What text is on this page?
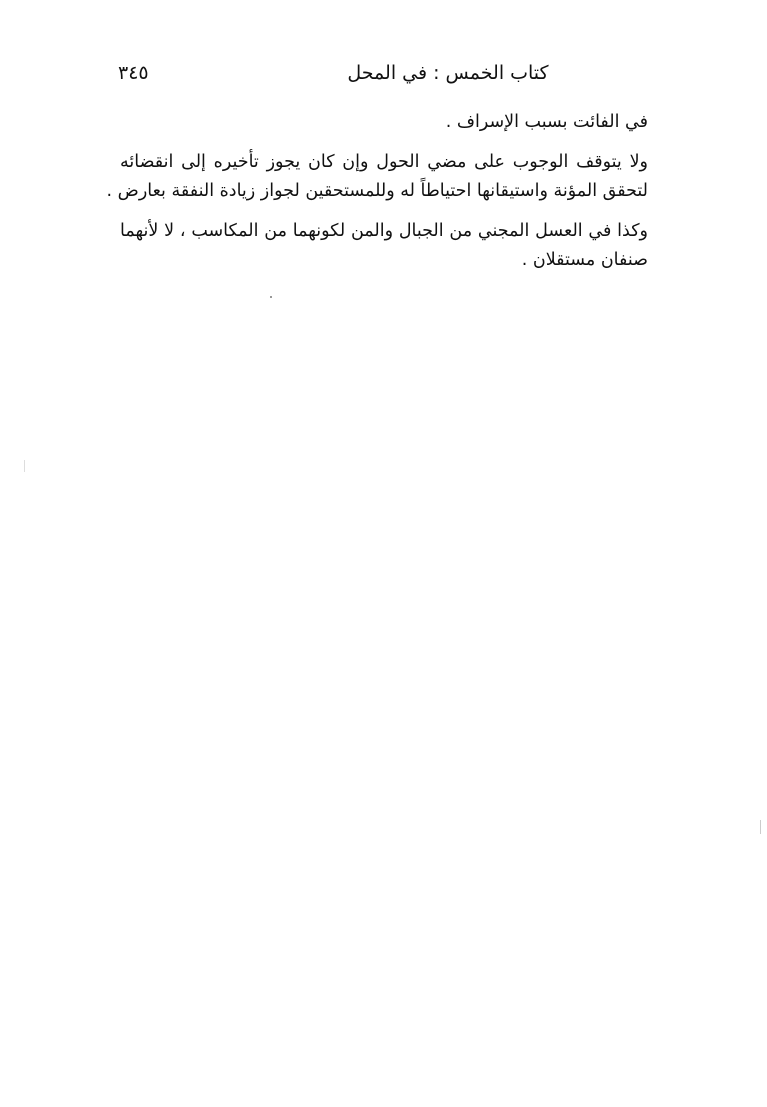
٣٤٥	كتاب الخمس : في المحل

في الفائت بسبب الإسراف .

ولا يتوقف الوجوب على مضي الحول وإن كان يجوز تأخيره إلى انقضائه
لتحقق المؤنة واستيقانها احتياطاً له وللمستحقين لجواز زيادة النفقة بعارض .

وكذا في العسل المجني من الجبال والمن لكونهما من المكاسب ، لا لأنهما
صنفان مستقلان .
